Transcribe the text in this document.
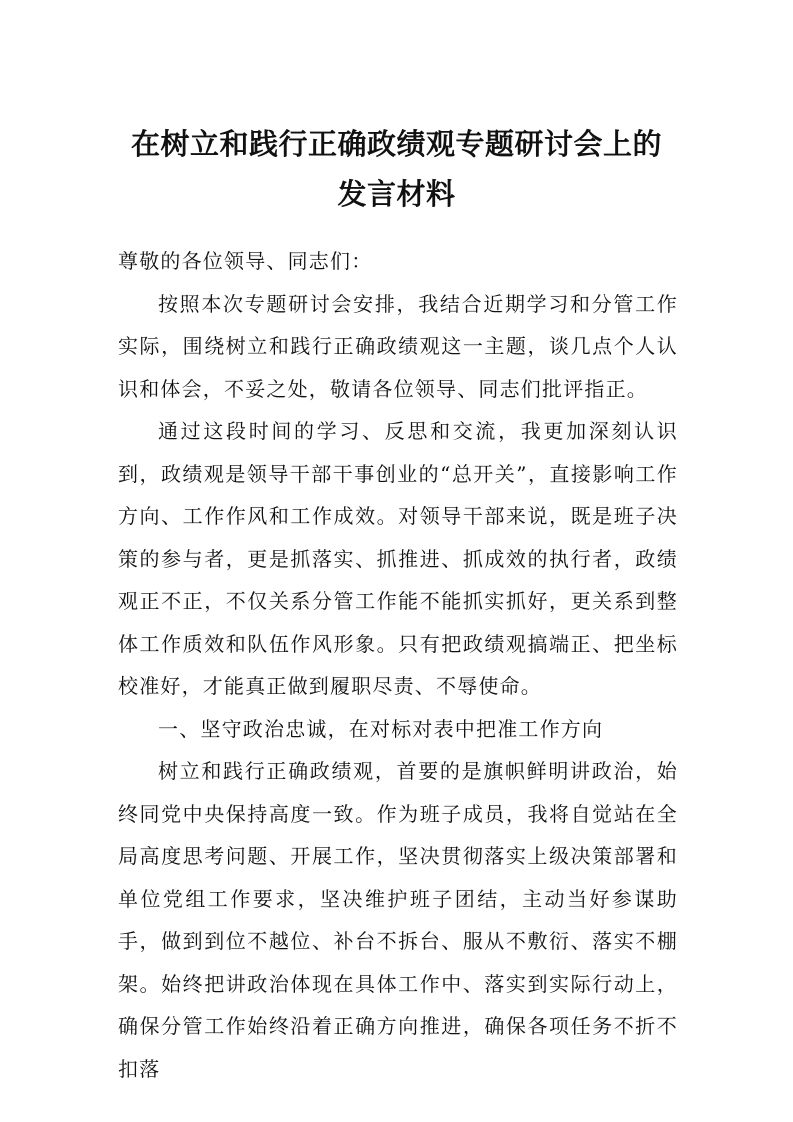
在树立和践行正确政绩观专题研讨会上的
发言材料

尊敬的各位领导、同志们：

按照本次专题研讨会安排，我结合近期学习和分管工作实际，围绕树立和践行正确政绩观这一主题，谈几点个人认识和体会，不妥之处，敬请各位领导、同志们批评指正。

通过这段时间的学习、反思和交流，我更加深刻认识到，政绩观是领导干部干事创业的“总开关”，直接影响工作方向、工作作风和工作成效。对领导干部来说，既是班子决策的参与者，更是抓落实、抓推进、抓成效的执行者，政绩观正不正，不仅关系分管工作能不能抓实抓好，更关系到整体工作质效和队伍作风形象。只有把政绩观搞端正、把坐标校准好，才能真正做到履职尽责、不辱使命。

一、坚守政治忠诚，在对标对表中把准工作方向

树立和践行正确政绩观，首要的是旗帜鲜明讲政治，始终同党中央保持高度一致。作为班子成员，我将自觉站在全局高度思考问题、开展工作，坚决贯彻落实上级决策部署和单位党组工作要求，坚决维护班子团结，主动当好参谋助手，做到到位不越位、补台不拆台、服从不敷衍、落实不棚架。始终把讲政治体现在具体工作中、落实到实际行动上，确保分管工作始终沿着正确方向推进，确保各项任务不折不扣落
